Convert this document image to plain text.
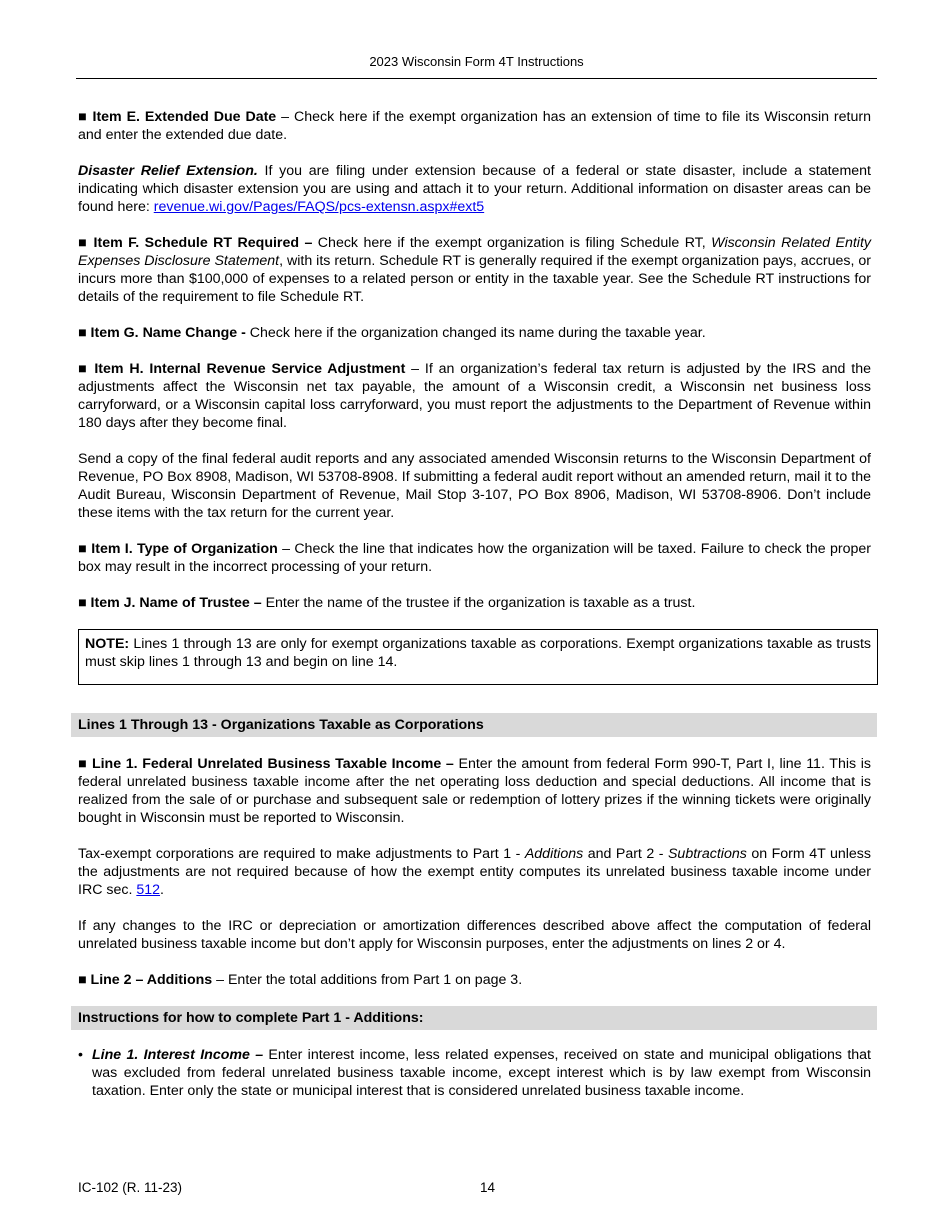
2023 Wisconsin Form 4T Instructions

■ Item E. Extended Due Date – Check here if the exempt organization has an extension of time to file its Wisconsin return and enter the extended due date.

Disaster Relief Extension. If you are filing under extension because of a federal or state disaster, include a statement indicating which disaster extension you are using and attach it to your return. Additional information on disaster areas can be found here: revenue.wi.gov/Pages/FAQS/pcs-extensn.aspx#ext5

■ Item F. Schedule RT Required – Check here if the exempt organization is filing Schedule RT, Wisconsin Related Entity Expenses Disclosure Statement, with its return. Schedule RT is generally required if the exempt organization pays, accrues, or incurs more than $100,000 of expenses to a related person or entity in the taxable year. See the Schedule RT instructions for details of the requirement to file Schedule RT.

■ Item G. Name Change - Check here if the organization changed its name during the taxable year.

■ Item H. Internal Revenue Service Adjustment – If an organization’s federal tax return is adjusted by the IRS and the adjustments affect the Wisconsin net tax payable, the amount of a Wisconsin credit, a Wisconsin net business loss carryforward, or a Wisconsin capital loss carryforward, you must report the adjustments to the Department of Revenue within 180 days after they become final.

Send a copy of the final federal audit reports and any associated amended Wisconsin returns to the Wisconsin Department of Revenue, PO Box 8908, Madison, WI 53708-8908. If submitting a federal audit report without an amended return, mail it to the Audit Bureau, Wisconsin Department of Revenue, Mail Stop 3-107, PO Box 8906, Madison, WI 53708-8906. Don’t include these items with the tax return for the current year.

■ Item I. Type of Organization – Check the line that indicates how the organization will be taxed. Failure to check the proper box may result in the incorrect processing of your return.

■ Item J. Name of Trustee – Enter the name of the trustee if the organization is taxable as a trust.

NOTE: Lines 1 through 13 are only for exempt organizations taxable as corporations. Exempt organizations taxable as trusts must skip lines 1 through 13 and begin on line 14.

Lines 1 Through 13 - Organizations Taxable as Corporations

■ Line 1. Federal Unrelated Business Taxable Income – Enter the amount from federal Form 990-T, Part I, line 11. This is federal unrelated business taxable income after the net operating loss deduction and special deductions. All income that is realized from the sale of or purchase and subsequent sale or redemption of lottery prizes if the winning tickets were originally bought in Wisconsin must be reported to Wisconsin.

Tax-exempt corporations are required to make adjustments to Part 1 - Additions and Part 2 - Subtractions on Form 4T unless the adjustments are not required because of how the exempt entity computes its unrelated business taxable income under IRC sec. 512.

If any changes to the IRC or depreciation or amortization differences described above affect the computation of federal unrelated business taxable income but don’t apply for Wisconsin purposes, enter the adjustments on lines 2 or 4.

■ Line 2 – Additions – Enter the total additions from Part 1 on page 3.

Instructions for how to complete Part 1 - Additions:
• Line 1. Interest Income – Enter interest income, less related expenses, received on state and municipal obligations that was excluded from federal unrelated business taxable income, except interest which is by law exempt from Wisconsin taxation. Enter only the state or municipal interest that is considered unrelated business taxable income.
IC-102 (R. 11-23)	14
